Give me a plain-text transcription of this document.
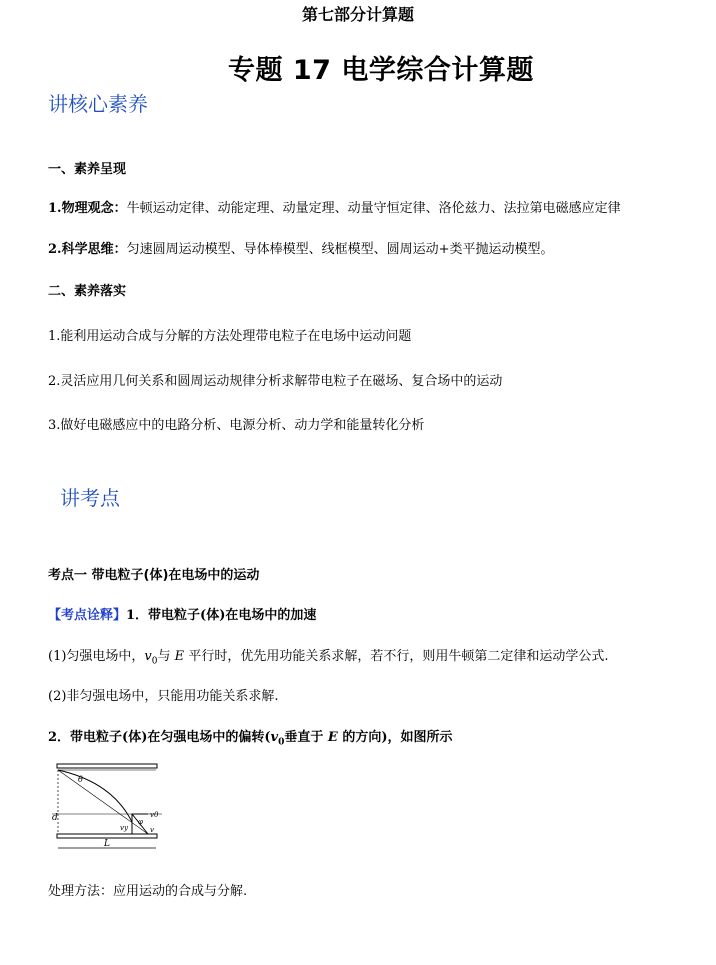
第七部分计算题
专题 17 电学综合计算题
讲核心素养
一、素养呈现
1.物理观念：牛顿运动定律、动能定理、动量定理、动量守恒定律、洛伦兹力、法拉第电磁感应定律
2.科学思维：匀速圆周运动模型、导体棒模型、线框模型、圆周运动+类平抛运动模型。
二、素养落实
1.能利用运动合成与分解的方法处理带电粒子在电场中运动问题
2.灵活应用几何关系和圆周运动规律分析求解带电粒子在磁场、复合场中的运动
3.做好电磁感应中的电路分析、电源分析、动力学和能量转化分析
讲考点
考点一 带电粒子(体)在电场中的运动
【考点诠释】1．带电粒子(体)在电场中的加速
(1)匀强电场中，$v_0$与 E 平行时，优先用功能关系求解，若不行，则用牛顿第二定律和运动学公式.
(2)非匀强电场中，只能用功能关系求解.
2．带电粒子(体)在匀强电场中的偏转($v_0$垂直于 E 的方向)，如图所示
θ
d	v0
vy	v
φ
L
处理方法：应用运动的合成与分解.
